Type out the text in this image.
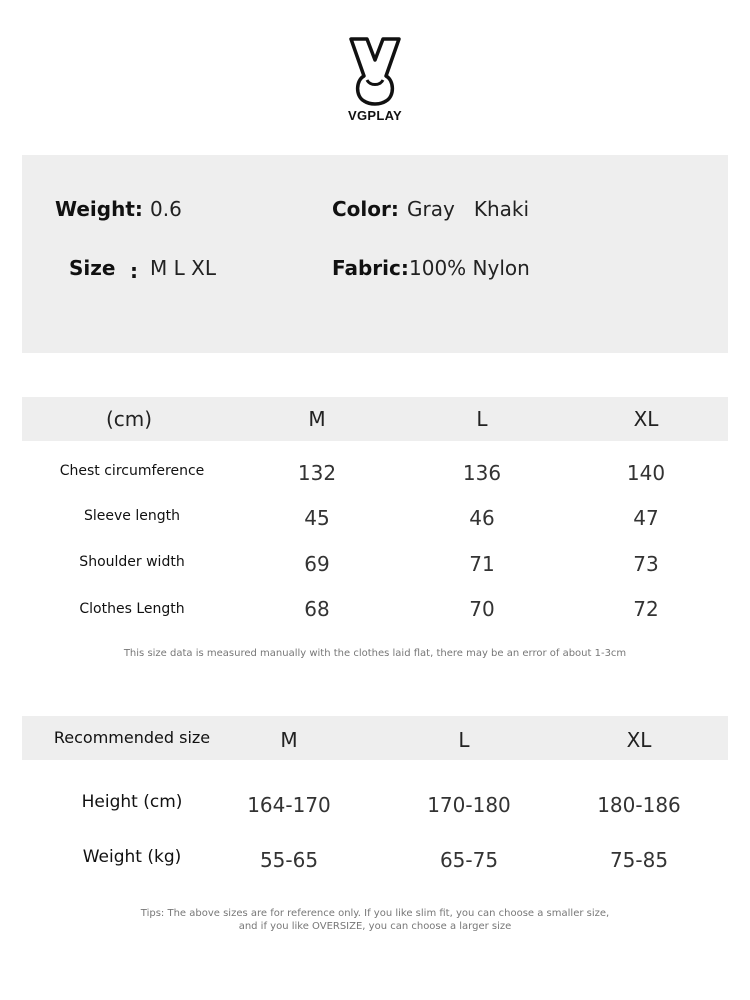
VGPLAY
Weight: 0.6	Color: Gray   Khaki
Size : M L XL	Fabric: 100% Nylon
(cm)	M	L	XL
Chest circumference	132	136	140
Sleeve length	45	46	47
Shoulder width	69	71	73
Clothes Length	68	70	72
This size data is measured manually with the clothes laid flat, there may be an error of about 1-3cm
Recommended size	M	L	XL
Height (cm)	164-170	170-180	180-186
Weight (kg)	55-65	65-75	75-85
Tips: The above sizes are for reference only. If you like slim fit, you can choose a smaller size,
and if you like OVERSIZE, you can choose a larger size
